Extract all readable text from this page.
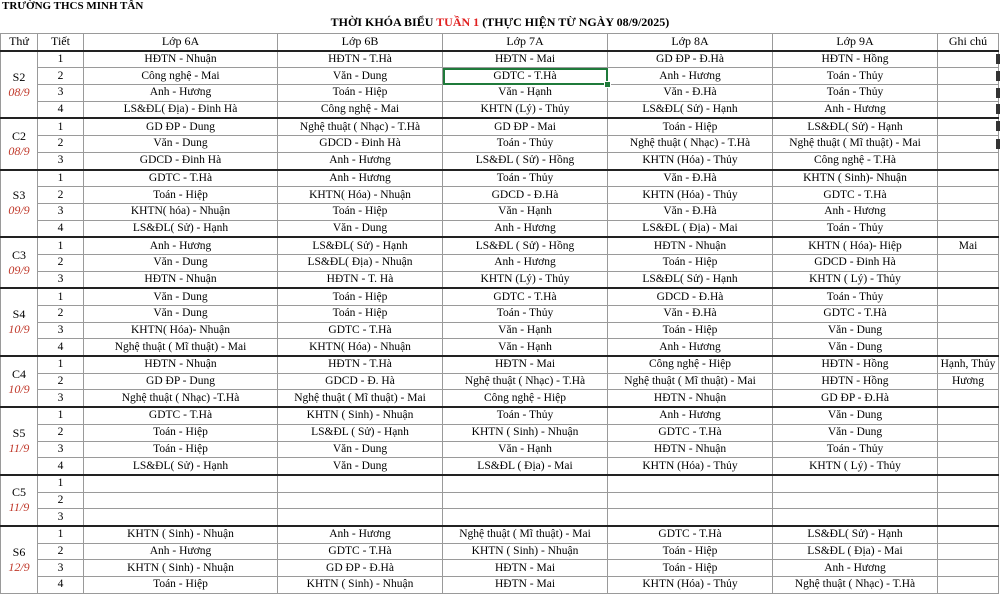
TRƯỜNG THCS MINH TÂN
THỜI KHÓA BIỂU TUẦN 1 (THỰC HIỆN TỪ NGÀY 08/9/2025)
Thứ	Tiết	Lớp 6A	Lớp 6B	Lớp 7A	Lớp 8A	Lớp 9A	Ghi chú

S2
08/9	1	HĐTN - Nhuận	HĐTN - T.Hà	HĐTN - Mai	GD ĐP - Đ.Hà	HĐTN - Hồng	
	2	Công nghệ - Mai	Văn - Dung	GDTC - T.Hà	Anh - Hương	Toán - Thủy	
	3	Anh - Hương	Toán - Hiệp	Văn - Hạnh	Văn - Đ.Hà	Toán - Thủy	
	4	LS&ĐL( Địa) - Đinh Hà	Công nghệ - Mai	KHTN (Lý) - Thủy	LS&ĐL( Sử) - Hạnh	Anh - Hương	

C2
08/9	1	GD ĐP - Dung	Nghệ thuật ( Nhạc) - T.Hà	GD ĐP - Mai	Toán - Hiệp	LS&ĐL( Sử) - Hạnh	
	2	Văn - Dung	GDCD - Đinh Hà	Toán - Thủy	Nghệ thuật ( Nhạc) - T.Hà	Nghệ thuật ( Mĩ thuật) - Mai	
	3	GDCD - Đinh Hà	Anh - Hương	LS&ĐL ( Sử) - Hồng	KHTN (Hóa) - Thủy	Công nghệ - T.Hà	

S3
09/9	1	GDTC - T.Hà	Anh - Hương	Toán - Thủy	Văn - Đ.Hà	KHTN ( Sinh)- Nhuận	
	2	Toán - Hiệp	KHTN( Hóa) - Nhuận	GDCD - Đ.Hà	KHTN (Hóa) - Thủy	GDTC - T.Hà	
	3	KHTN( hóa) - Nhuận	Toán - Hiệp	Văn - Hạnh	Văn - Đ.Hà	Anh - Hương	
	4	LS&ĐL( Sử) - Hạnh	Văn - Dung	Anh - Hương	LS&ĐL ( Địa) - Mai	Toán - Thủy	

C3
09/9	1	Anh - Hương	LS&ĐL( Sử) - Hạnh	LS&ĐL ( Sử) - Hồng	HĐTN - Nhuận	KHTN ( Hóa)- Hiệp	Mai
	2	Văn - Dung	LS&ĐL( Địa) - Nhuận	Anh - Hương	Toán - Hiệp	GDCD - Đinh Hà	
	3	HĐTN - Nhuận	HĐTN - T. Hà	KHTN (Lý) - Thủy	LS&ĐL( Sử) - Hạnh	KHTN ( Lý) - Thủy	

S4
10/9	1	Văn - Dung	Toán - Hiệp	GDTC - T.Hà	GDCD - Đ.Hà	Toán - Thủy	
	2	Văn - Dung	Toán - Hiệp	Toán - Thủy	Văn - Đ.Hà	GDTC - T.Hà	
	3	KHTN( Hóa)- Nhuận	GDTC - T.Hà	Văn - Hạnh	Toán - Hiệp	Văn - Dung	
	4	Nghệ thuật ( Mĩ thuật) - Mai	KHTN( Hóa) - Nhuận	Văn - Hạnh	Anh - Hương	Văn - Dung	

C4
10/9	1	HĐTN - Nhuận	HĐTN - T.Hà	HĐTN - Mai	Công nghệ - Hiệp	HĐTN - Hồng	Hạnh, Thủy
	2	GD ĐP - Dung	GDCD - Đ. Hà	Nghệ thuật ( Nhạc) - T.Hà	Nghệ thuật ( Mĩ thuật) - Mai	HĐTN - Hồng	Hương
	3	Nghệ thuật ( Nhạc) -T.Hà	Nghệ thuật ( Mĩ thuật) - Mai	Công nghệ - Hiệp	HĐTN - Nhuận	GD ĐP - Đ.Hà	

S5
11/9	1	GDTC - T.Hà	KHTN ( Sinh) - Nhuận	Toán - Thủy	Anh - Hương	Văn - Dung	
	2	Toán - Hiệp	LS&ĐL ( Sử) - Hạnh	KHTN ( Sinh) - Nhuận	GDTC - T.Hà	Văn - Dung	
	3	Toán - Hiệp	Văn - Dung	Văn - Hạnh	HĐTN - Nhuận	Toán - Thủy	
	4	LS&ĐL( Sử) - Hạnh	Văn - Dung	LS&ĐL ( Địa) - Mai	KHTN (Hóa) - Thủy	KHTN ( Lý) - Thủy	

C5
11/9	1						
	2						
	3						

S6
12/9	1	KHTN ( Sinh) - Nhuận	Anh - Hương	Nghệ thuật ( Mĩ thuật) - Mai	GDTC - T.Hà	LS&ĐL( Sử) - Hạnh	
	2	Anh - Hương	GDTC - T.Hà	KHTN ( Sinh) - Nhuận	Toán - Hiệp	LS&ĐL ( Địa) - Mai	
	3	KHTN ( Sinh) - Nhuận	GD ĐP - Đ.Hà	HĐTN - Mai	Toán - Hiệp	Anh - Hương	
	4	Toán - Hiệp	KHTN ( Sinh) - Nhuận	HĐTN - Mai	KHTN (Hóa) - Thủy	Nghệ thuật ( Nhạc) - T.Hà	
